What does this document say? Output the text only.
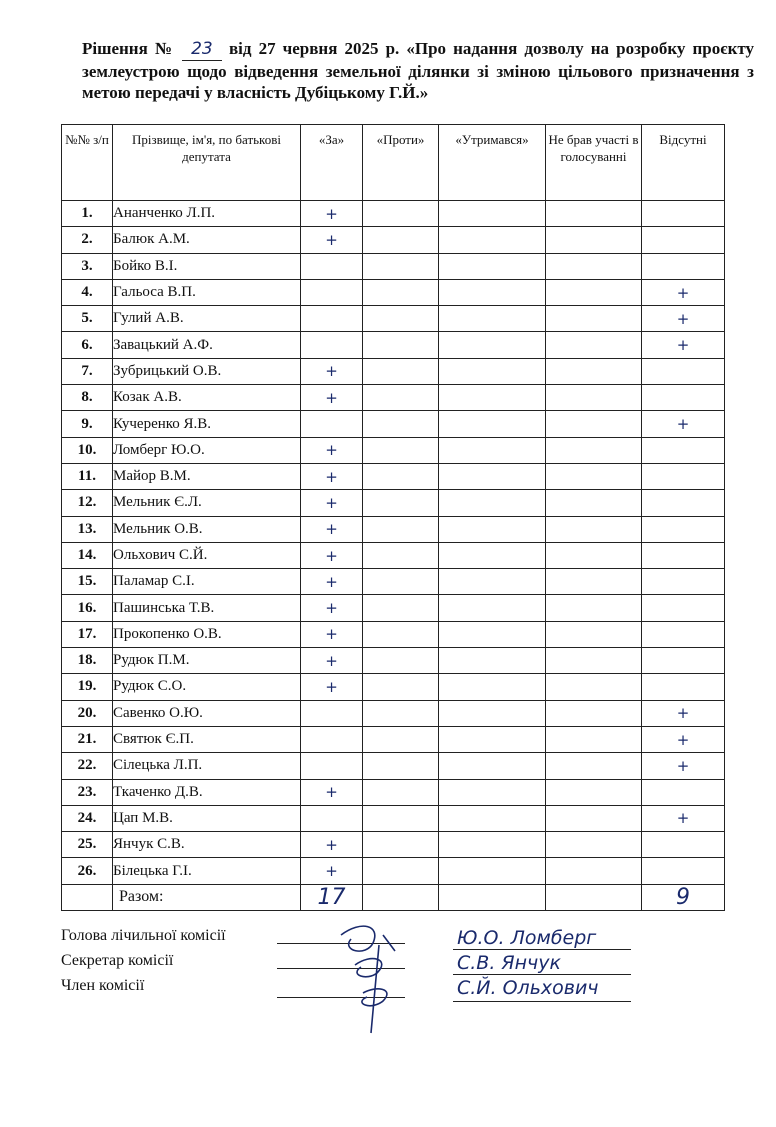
Рішення № 23 від 27 червня 2025 р. «Про надання дозволу на розробку проєкту землеустрою щодо відведення земельної ділянки зі зміною цільового призначення з метою передачі у власність Дубіцькому Г.Й.»
№№ з/п	Прізвище, ім'я, по батькові депутата	«За»	«Проти»	«Утримався»	Не брав участі в голосуванні	Відсутні
1.	Ананченко Л.П.	+				
2.	Балюк А.М.	+				
3.	Бойко В.І.					
4.	Гальоса В.П.					+
5.	Гулий А.В.					+
6.	Завацький А.Ф.					+
7.	Зубрицький О.В.	+				
8.	Козак А.В.	+				
9.	Кучеренко Я.В.					+
10.	Ломберг Ю.О.	+				
11.	Майор В.М.	+				
12.	Мельник Є.Л.	+				
13.	Мельник О.В.	+				
14.	Ольхович С.Й.	+				
15.	Паламар С.І.	+				
16.	Пашинська Т.В.	+				
17.	Прокопенко О.В.	+				
18.	Рудюк П.М.	+				
19.	Рудюк С.О.	+				
20.	Савенко О.Ю.					+
21.	Святюк Є.П.					+
22.	Сілецька Л.П.					+
23.	Ткаченко Д.В.	+				
24.	Цап М.В.					+
25.	Янчук С.В.	+				
26.	Білецька Г.І.	+				
	Разом:	17				9
Голова лічильної комісії
Секретар комісії
Член комісії
Ю.О. Ломберг
С.В. Янчук
С.Й. Ольхович
